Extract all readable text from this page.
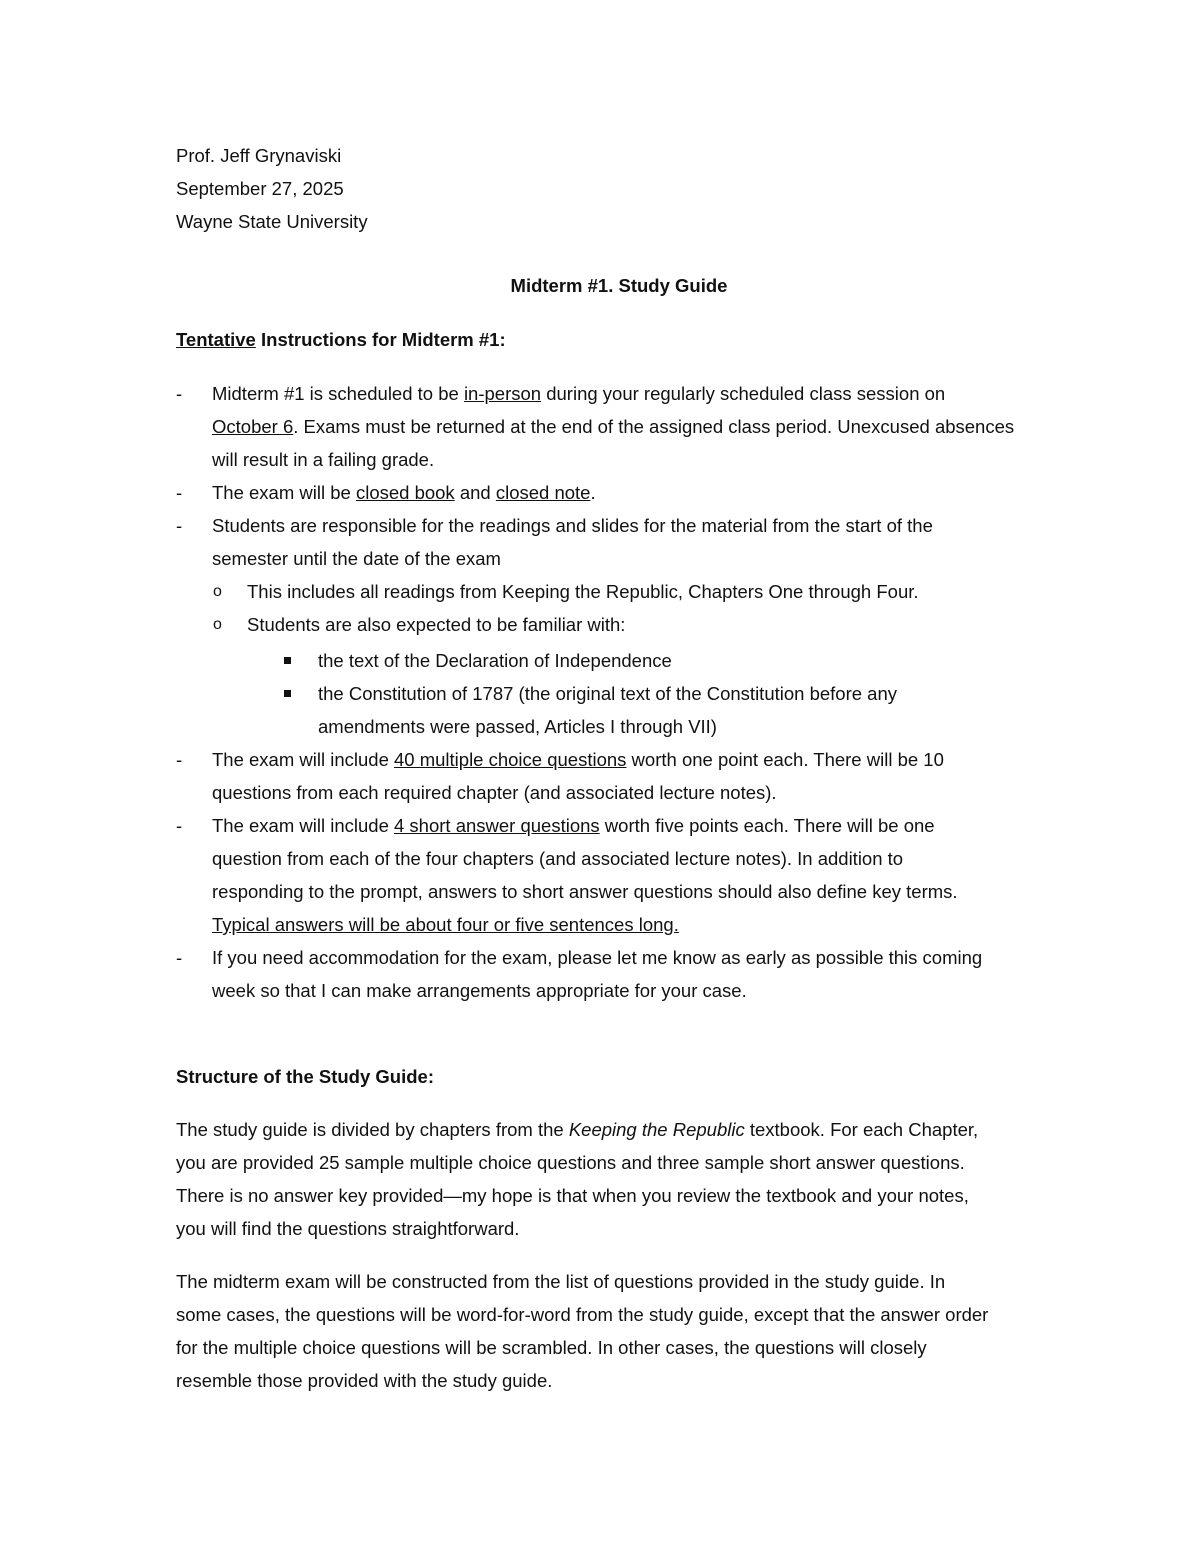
Prof. Jeff Grynaviski
September 27, 2025
Wayne State University
Midterm #1. Study Guide
Tentative Instructions for Midterm #1:
- Midterm #1 is scheduled to be in-person during your regularly scheduled class session on
October 6. Exams must be returned at the end of the assigned class period. Unexcused absences
will result in a failing grade.
- The exam will be closed book and closed note.
- Students are responsible for the readings and slides for the material from the start of the
semester until the date of the exam
o This includes all readings from Keeping the Republic, Chapters One through Four.
o Students are also expected to be familiar with:
the text of the Declaration of Independence
the Constitution of 1787 (the original text of the Constitution before any
amendments were passed, Articles I through VII)
- The exam will include 40 multiple choice questions worth one point each. There will be 10
questions from each required chapter (and associated lecture notes).
- The exam will include 4 short answer questions worth five points each. There will be one
question from each of the four chapters (and associated lecture notes). In addition to
responding to the prompt, answers to short answer questions should also define key terms.
Typical answers will be about four or five sentences long.
- If you need accommodation for the exam, please let me know as early as possible this coming
week so that I can make arrangements appropriate for your case.
Structure of the Study Guide:

The study guide is divided by chapters from the Keeping the Republic textbook. For each Chapter,
you are provided 25 sample multiple choice questions and three sample short answer questions.
There is no answer key provided—my hope is that when you review the textbook and your notes,
you will find the questions straightforward.

The midterm exam will be constructed from the list of questions provided in the study guide. In
some cases, the questions will be word-for-word from the study guide, except that the answer order
for the multiple choice questions will be scrambled. In other cases, the questions will closely
resemble those provided with the study guide.
